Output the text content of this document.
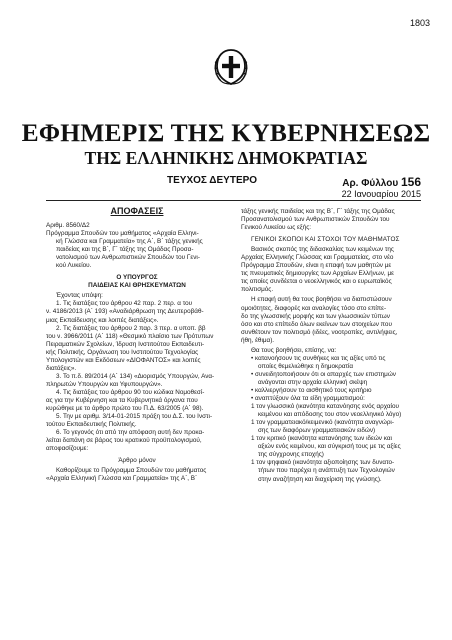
1803
ΕΦΗΜΕΡΙΣ ΤΗΣ ΚΥΒΕΡΝΗΣΕΩΣ
ΤΗΣ ΕΛΛΗΝΙΚΗΣ ΔΗΜΟΚΡΑΤΙΑΣ
ΤΕΥΧΟΣ ΔΕΥΤΕΡΟ	Αρ. Φύλλου 156
22 Ιανουαρίου 2015

ΑΠΟΦΑΣΕΙΣ

Αριθμ. 8560/Δ2

Πρόγραμμα Σπουδών του μαθήματος «Αρχαία Ελληνι-

κή Γλώσσα και Γραμματεία» της Α΄, Β΄ τάξης γενικής

παιδείας και της Β΄, Γ΄ τάξης της Ομάδας Προσα-

νατολισμού των Ανθρωπιστικών Σπουδών του Γενι-

κού Λυκείου.

Ο ΥΠΟΥΡΓΟΣ

ΠΑΙΔΕΙΑΣ ΚΑΙ ΘΡΗΣΚΕΥΜΑΤΩΝ

Έχοντας υπόψη:

1. Τις διατάξεις του άρθρου 42 παρ. 2 περ. α του

ν. 4186/2013 (Α΄ 193) «Αναδιάρθρωση της Δευτεροβάθ-

μιας Εκπαίδευσης και λοιπές διατάξεις».

2. Τις διατάξεις του άρθρου 2 παρ. 3 περ. α υποπ. ββ

του ν. 3966/2011 (Α΄ 118) «Θεσμικό πλαίσιο των Πρότυπων

Πειραματικών Σχολείων, Ίδρυση Ινστιτούτου Εκπαιδευτι-

κής Πολιτικής, Οργάνωση του Ινστιτούτου Τεχνολογίας

Υπολογιστών και Εκδόσεων «ΔΙΟΦΑΝΤΟΣ» και λοιπές

διατάξεις».

3. Το π.δ. 89/2014 (Α΄ 134) «Διορισμός Υπουργών, Ανα-

πληρωτών Υπουργών και Υφυπουργών».

4. Τις διατάξεις του άρθρου 90 του κώδικα Νομοθεσί-

ας για την Κυβέρνηση και τα Κυβερνητικά όργανα που

κυρώθηκε με το άρθρο πρώτο του Π.Δ. 63/2005 (Α΄ 98).

5. Την με αριθμ. 3/14-01-2015 πράξη του Δ.Σ. του Ινστι-

τούτου Εκπαιδευτικής Πολιτικής.

6. Το γεγονός ότι από την απόφαση αυτή δεν προκα-

λείται δαπάνη σε βάρος του κρατικού προϋπολογισμού,

αποφασίζουμε:

Άρθρο μόνον

Καθορίζουμε το Πρόγραμμα Σπουδών του μαθήματος

«Αρχαία Ελληνική Γλώσσα και Γραμματεία» της Α΄, Β΄

τάξης γενικής παιδείας και της Β΄, Γ΄ τάξης της Ομάδας

Προσανατολισμού των Ανθρωπιστικών Σπουδών του

Γενικού Λυκείου ως εξής:

ΓΕΝΙΚΟΙ ΣΚΟΠΟΙ ΚΑΙ ΣΤΟΧΟΙ ΤΟΥ ΜΑΘΗΜΑΤΟΣ

Βασικός σκοπός της διδασκαλίας των κειμένων της

Αρχαίας Ελληνικής Γλώσσας και Γραμματείας, στο νέο

Πρόγραμμα Σπουδών, είναι η επαφή των μαθητών με

τις πνευματικές δημιουργίες των Αρχαίων Ελλήνων, με

τις οποίες συνδέεται ο νεοελληνικός και ο ευρωπαϊκός

πολιτισμός.

Η επαφή αυτή θα τους βοηθήσει να διαπιστώσουν

ομοιότητες, διαφορές και αναλογίες τόσο στο επίπε-

δο της γλωσσικής μορφής και των γλωσσικών τύπων

όσο και στο επίπεδο όλων εκείνων των στοιχείων που

συνθέτουν τον πολιτισμό (ιδέες, νοοτροπίες, αντιλήψεις,

ήθη, έθιμα).

Θα τους βοηθήσει, επίσης, να:

• κατανοήσουν τις συνθήκες και τις αξίες υπό τις

οποίες θεμελιώθηκε η δημοκρατία

• συνειδητοποιήσουν ότι οι απαρχές των επιστημών

ανάγονται στην αρχαία ελληνική σκέψη

• καλλιεργήσουν το αισθητικό τους κριτήριο

• αναπτύξουν όλα τα είδη γραμματισμού:

1 τον γλωσσικό (ικανότητα κατανόησης ενός αρχαίου

κειμένου και απόδοσης του στον νεοελληνικό λόγο)

1 τον γραμματειακό/κειμενικό (ικανότητα αναγνώρι-

σης των διαφόρων γραμματειακών ειδών)

1 τον κριτικό (ικανότητα κατανόησης των ιδεών και

αξιών ενός κειμένου, και σύγκρισή τους με τις αξίες

της σύγχρονης εποχής)

1 τον ψηφιακό (ικανότητα αξιοποίησης των δυνατο-

τήτων που παρέχει η ανάπτυξη των Τεχνολογιών

στην αναζήτηση και διαχείριση της γνώσης).
